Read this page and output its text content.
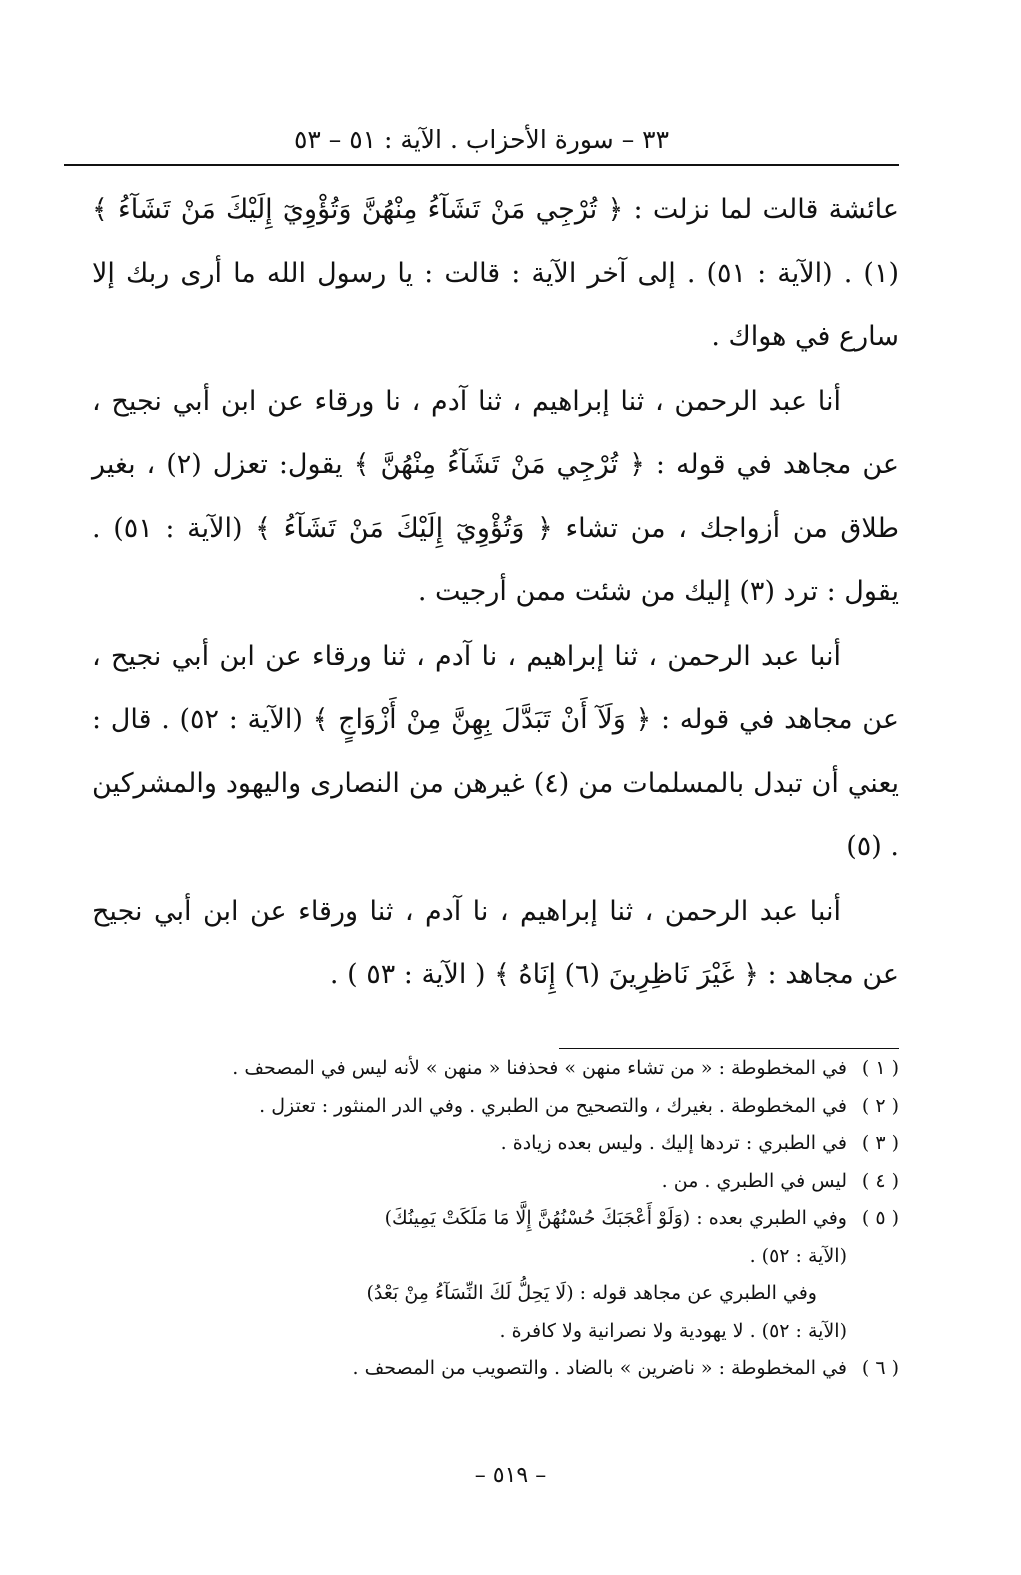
٣٣ – سورة الأحزاب . الآية : ٥١ – ٥٣

عائشة قالت لما نزلت : ﴿ تُرْجِي مَنْ تَشَآءُ مِنْهُنَّ وَتُؤْوِيٓ إِلَيْكَ مَنْ تَشَآءُ ﴾ (١) . (الآية : ٥١) . إلى آخر الآية : قالت : يا رسول الله ما أرى ربك إلا سارع في هواك .

أنا عبد الرحمن ، ثنا إبراهيم ، ثنا آدم ، نا ورقاء عن ابن أبي نجيح ، عن مجاهد في قوله : ﴿ تُرْجِي مَنْ تَشَآءُ مِنْهُنَّ ﴾ يقول: تعزل (٢) ، بغير طلاق من أزواجك ، من تشاء ﴿ وَتُؤْوِيٓ إِلَيْكَ مَنْ تَشَآءُ ﴾ (الآية : ٥١) . يقول : ترد (٣) إليك من شئت ممن أرجيت .

أنبا عبد الرحمن ، ثنا إبراهيم ، نا آدم ، ثنا ورقاء عن ابن أبي نجيح ، عن مجاهد في قوله : ﴿ وَلَآ أَنْ تَبَدَّلَ بِهِنَّ مِنْ أَزْوَاجٍ ﴾ (الآية : ٥٢) . قال : يعني أن تبدل بالمسلمات من (٤) غيرهن من النصارى واليهود والمشركين . (٥)

أنبا عبد الرحمن ، ثنا إبراهيم ، نا آدم ، ثنا ورقاء عن ابن أبي نجيح عن مجاهد : ﴿ غَيْرَ نَاظِرِينَ (٦) إِنَاهُ ﴾ ( الآية : ٥٣ ) .

( ١ )
في المخطوطة : « من تشاء منهن » فحذفنا « منهن » لأنه ليس في المصحف .
( ٢ )
في المخطوطة . بغيرك ، والتصحيح من الطبري . وفي الدر المنثور : تعتزل .
( ٣ )
في الطبري : تردها إليك . وليس بعده زيادة .
( ٤ )
ليس في الطبري . من .
( ٥ )
وفي الطبري بعده : (وَلَوْ أَعْجَبَكَ حُسْنُهُنَّ إِلَّا مَا مَلَكَتْ يَمِينُكَ)
(الآية : ٥٢) .
وفي الطبري عن مجاهد قوله : (لَا يَحِلُّ لَكَ النِّسَآءُ مِنْ بَعْدُ)
(الآية : ٥٢) . لا يهودية ولا نصرانية ولا كافرة .
( ٦ )
في المخطوطة : « ناضرين » بالضاد . والتصويب من المصحف .
– ٥١٩ –
